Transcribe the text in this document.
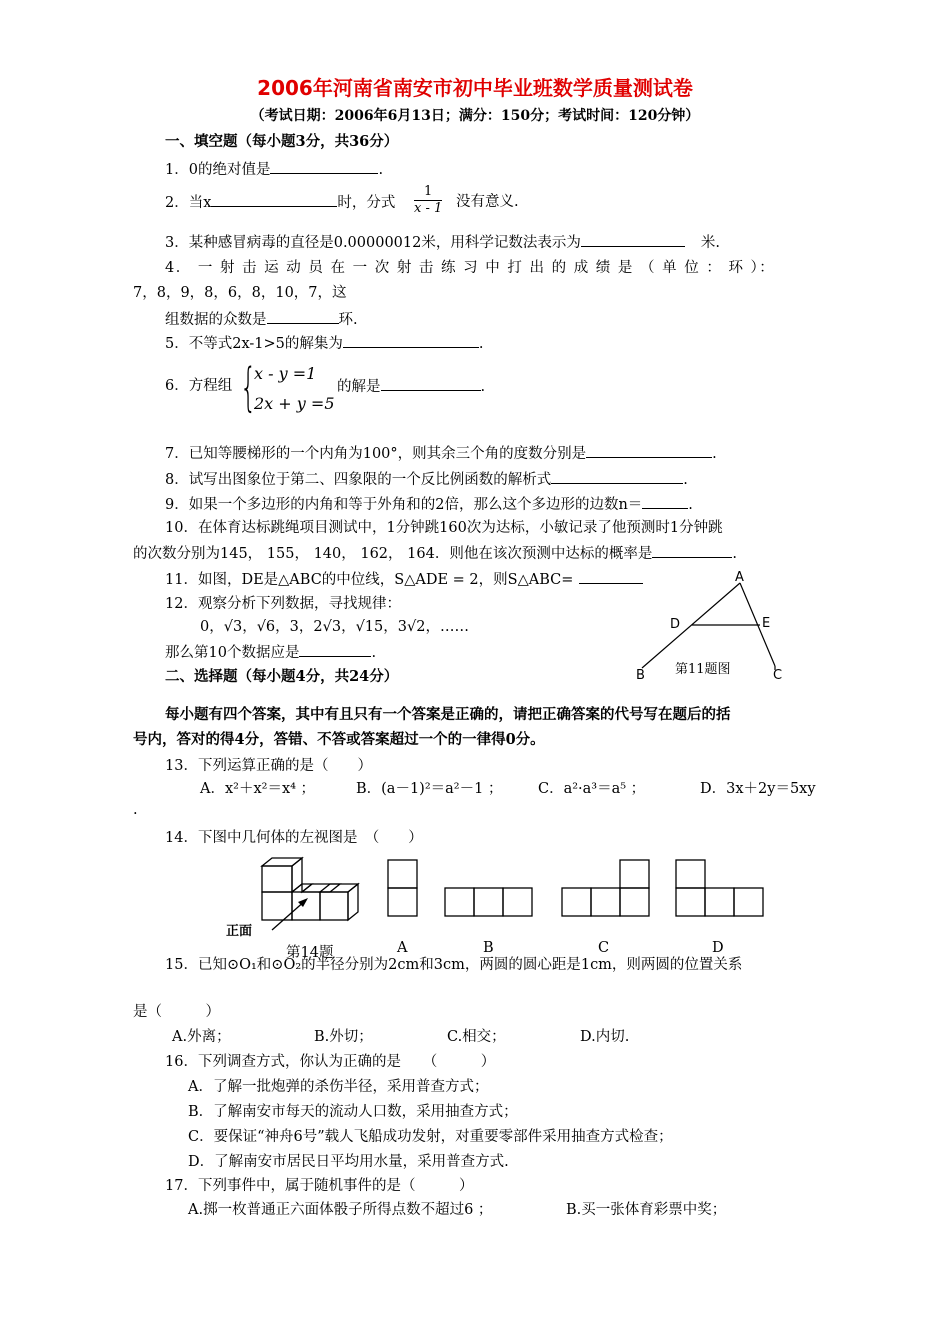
2006年河南省南安市初中毕业班数学质量测试卷
（考试日期：2006年6月13日；满分：150分；考试时间：120分钟）
一、填空题（每小题3分，共36分）
1．0的绝对值是	.
2．当x	时，分式 $\frac{1}{x - 1}$ 没有意义.
3．某种感冒病毒的直径是0.00000012米，用科学记数法表示为	米.
4． 一 射 击 运 动 员 在 一 次 射 击 练 习 中 打 出 的 成 绩 是 （ 单 位 ： 环 ）：
7，8，9，8，6，8，10，7，这
组数据的众数是	环.
5．不等式2x-1>5的解集为	.
6．方程组 {
x - y =1
2x + y =5
的解是	.
7．已知等腰梯形的一个内角为100°，则其余三个角的度数分别是	.
8．试写出图象位于第二、四象限的一个反比例函数的解析式	.
9．如果一个多边形的内角和等于外角和的2倍，那么这个多边形的边数n＝	.
10．在体育达标跳绳项目测试中，1分钟跳160次为达标，小敏记录了他预测时1分钟跳
的次数分别为145， 155， 140， 162， 164．则他在该次预测中达标的概率是	.
11．如图，DE是△ABC的中位线，S△ADE = 2，则S△ABC=
12．观察分析下列数据，寻找规律：
0，√3，√6，3，2√3，√15，3√2，……
那么第10个数据应是	.
A
D	E
B	C
第11题图
二、选择题（每小题4分，共24分）
每小题有四个答案，其中有且只有一个答案是正确的，请把正确答案的代号写在题后的括
号内，答对的得4分，答错、不答或答案超过一个的一律得0分。
13．下列运算正确的是（　　）
A．x²＋x²＝x⁴ ；	B．(a－1)²＝a²－1 ； C．a²·a³＝a⁵ ；	D．3x＋2y＝5xy
.
14．下图中几何体的左视图是　（　　）
正面
第14题	A	B	C	D
15．已知⊙O₁和⊙O₂的半径分别为2cm和3cm，两圆的圆心距是1cm，则两圆的位置关系
是（　　　）
A.外离；	B.外切；	C.相交；	D.内切.
16．下列调查方式，你认为正确的是　　（　　　）
A．了解一批炮弹的杀伤半径，采用普查方式；
B．了解南安市每天的流动人口数，采用抽查方式；
C．要保证“神舟6号”载人飞船成功发射，对重要零部件采用抽查方式检查；
D．了解南安市居民日平均用水量，采用普查方式.
17．下列事件中，属于随机事件的是（　　　）
A.掷一枚普通正六面体骰子所得点数不超过6 ；	B.买一张体育彩票中奖；
